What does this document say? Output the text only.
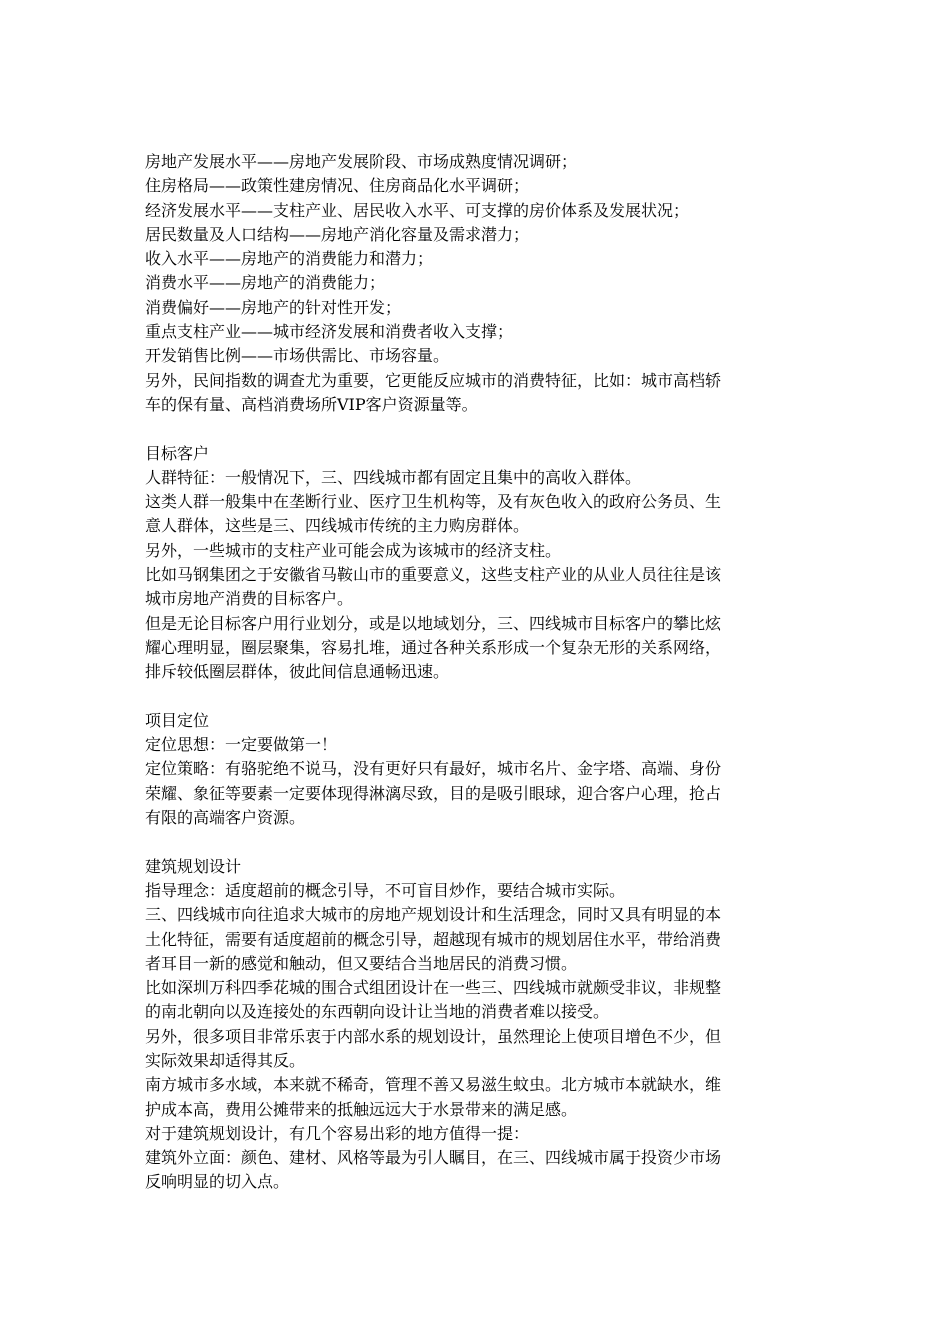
房地产发展水平——房地产发展阶段、市场成熟度情况调研；
住房格局——政策性建房情况、住房商品化水平调研；
经济发展水平——支柱产业、居民收入水平、可支撑的房价体系及发展状况；
居民数量及人口结构——房地产消化容量及需求潜力；
收入水平——房地产的消费能力和潜力；
消费水平——房地产的消费能力；
消费偏好——房地产的针对性开发；
重点支柱产业——城市经济发展和消费者收入支撑；
开发销售比例——市场供需比、市场容量。
另外，民间指数的调查尤为重要，它更能反应城市的消费特征，比如：城市高档轿
车的保有量、高档消费场所VIP客户资源量等。
目标客户
人群特征：一般情况下，三、四线城市都有固定且集中的高收入群体。
这类人群一般集中在垄断行业、医疗卫生机构等，及有灰色收入的政府公务员、生
意人群体，这些是三、四线城市传统的主力购房群体。
另外，一些城市的支柱产业可能会成为该城市的经济支柱。
比如马钢集团之于安徽省马鞍山市的重要意义，这些支柱产业的从业人员往往是该
城市房地产消费的目标客户。
但是无论目标客户用行业划分，或是以地域划分，三、四线城市目标客户的攀比炫
耀心理明显，圈层聚集，容易扎堆，通过各种关系形成一个复杂无形的关系网络，
排斥较低圈层群体，彼此间信息通畅迅速。
项目定位
定位思想：一定要做第一！
定位策略：有骆驼绝不说马，没有更好只有最好，城市名片、金字塔、高端、身份
荣耀、象征等要素一定要体现得淋漓尽致，目的是吸引眼球，迎合客户心理，抢占
有限的高端客户资源。
建筑规划设计
指导理念：适度超前的概念引导，不可盲目炒作，要结合城市实际。
三、四线城市向往追求大城市的房地产规划设计和生活理念，同时又具有明显的本
土化特征，需要有适度超前的概念引导，超越现有城市的规划居住水平，带给消费
者耳目一新的感觉和触动，但又要结合当地居民的消费习惯。
比如深圳万科四季花城的围合式组团设计在一些三、四线城市就颇受非议，非规整
的南北朝向以及连接处的东西朝向设计让当地的消费者难以接受。
另外，很多项目非常乐衷于内部水系的规划设计，虽然理论上使项目增色不少，但
实际效果却适得其反。
南方城市多水域，本来就不稀奇，管理不善又易滋生蚊虫。北方城市本就缺水，维
护成本高，费用公摊带来的抵触远远大于水景带来的满足感。
对于建筑规划设计，有几个容易出彩的地方值得一提：
建筑外立面：颜色、建材、风格等最为引人瞩目，在三、四线城市属于投资少市场
反响明显的切入点。
